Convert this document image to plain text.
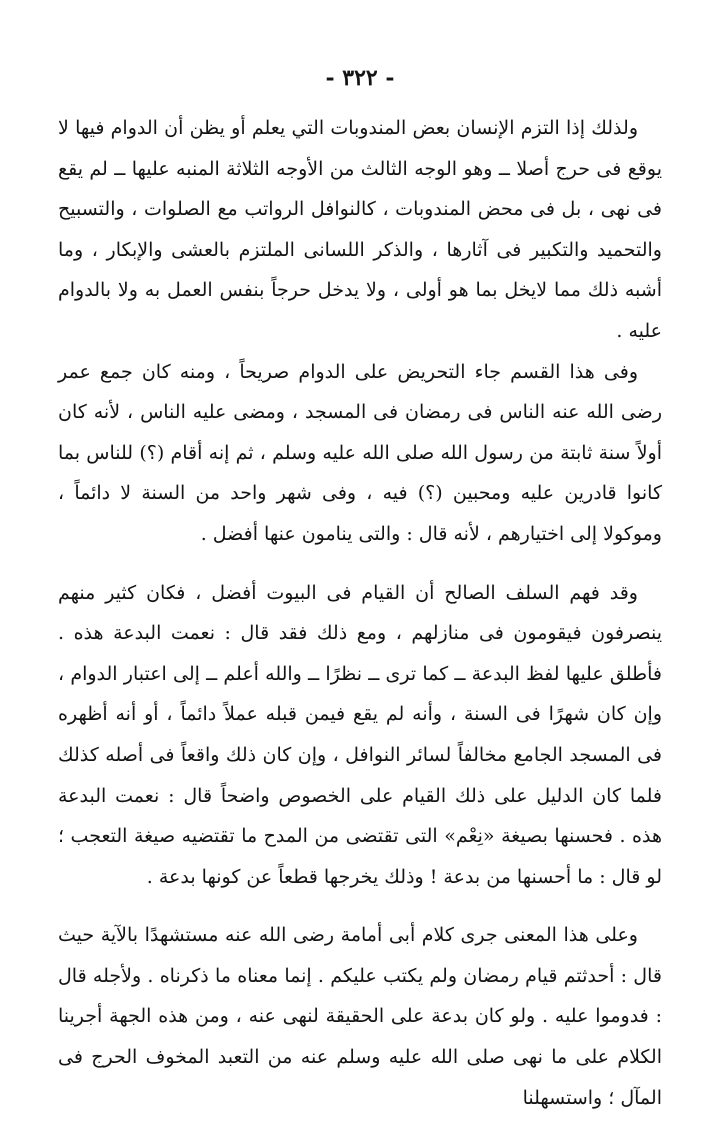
- ٣٢٢ -

ولذلك إذا التزم الإنسان بعض المندوبات التي يعلم أو يظن أن الدوام فيها لا يوقع فى حرج أصلا ــ وهو الوجه الثالث من الأوجه الثلاثة المنبه عليها ــ لم يقع فى نهى ، بل فى محض المندوبات ، كالنوافل الرواتب مع الصلوات ، والتسبيح والتحميد والتكبير فى آثارها ، والذكر اللسانى الملتزم بالعشى والإبكار ، وما أشبه ذلك مما لايخل بما هو أولى ، ولا يدخل حرجاً بنفس العمل به ولا بالدوام عليه .

وفى هذا القسم جاء التحريض على الدوام صريحاً ، ومنه كان جمع عمر رضى الله عنه الناس فى رمضان فى المسجد ، ومضى عليه الناس ، لأنه كان أولاً سنة ثابتة من رسول الله صلى الله عليه وسلم ، ثم إنه أقام (؟) للناس بما كانوا قادرين عليه ومحبين (؟) فيه ، وفى شهر واحد من السنة لا دائماً ، وموكولا إلى اختيارهم ، لأنه قال : والتى ينامون عنها أفضل .

وقد فهم السلف الصالح أن القيام فى البيوت أفضل ، فكان كثير منهم ينصرفون فيقومون فى منازلهم ، ومع ذلك فقد قال : نعمت البدعة هذه . فأطلق عليها لفظ البدعة ــ كما ترى ــ نظرًا ــ والله أعلم ــ إلى اعتبار الدوام ، وإن كان شهرًا فى السنة ، وأنه لم يقع فيمن قبله عملاً دائماً ، أو أنه أظهره فى المسجد الجامع مخالفاً لسائر النوافل ، وإن كان ذلك واقعاً فى أصله كذلك فلما كان الدليل على ذلك القيام على الخصوص واضحاً قال : نعمت البدعة هذه . فحسنها بصيغة «نِعْم» التى تقتضى من المدح ما تقتضيه صيغة التعجب ؛ لو قال : ما أحسنها من بدعة ! وذلك يخرجها قطعاً عن كونها بدعة .

وعلى هذا المعنى جرى كلام أبى أمامة رضى الله عنه مستشهدًا بالآية حيث قال : أحدثتم قيام رمضان ولم يكتب عليكم . إنما معناه ما ذكرناه . ولأجله قال : فدوموا عليه . ولو كان بدعة على الحقيقة لنهى عنه ، ومن هذه الجهة أجرينا الكلام على ما نهى صلى الله عليه وسلم عنه من التعبد المخوف الحرج فى المآل ؛ واستسهلنا
